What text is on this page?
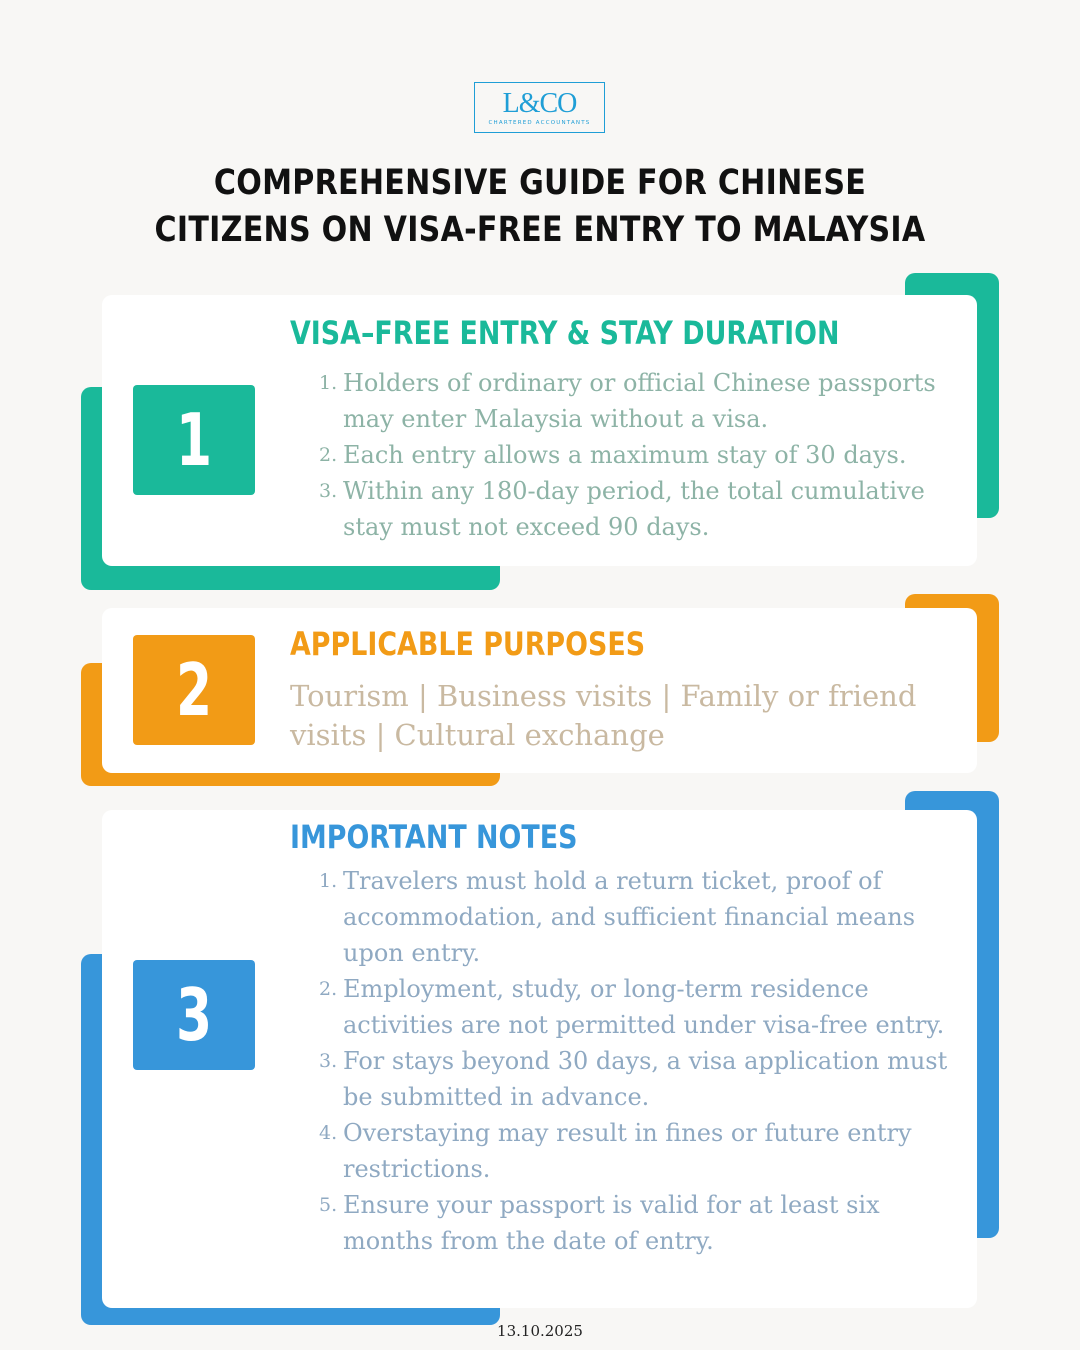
L&CO
CHARTERED ACCOUNTANTS
COMPREHENSIVE GUIDE FOR CHINESE
CITIZENS ON VISA-FREE ENTRY TO MALAYSIA
1
VISA–FREE ENTRY & STAY DURATION
1. Holders of ordinary or official Chinese passports may enter Malaysia without a visa.
2. Each entry allows a maximum stay of 30 days.
3. Within any 180-day period, the total cumulative stay must not exceed 90 days.
2
APPLICABLE PURPOSES
Tourism | Business visits | Family or friend visits | Cultural exchange
3
IMPORTANT NOTES
1. Travelers must hold a return ticket, proof of accommodation, and sufficient financial means upon entry.
2. Employment, study, or long-term residence activities are not permitted under visa-free entry.
3. For stays beyond 30 days, a visa application must be submitted in advance.
4. Overstaying may result in fines or future entry restrictions.
5. Ensure your passport is valid for at least six months from the date of entry.
13.10.2025
